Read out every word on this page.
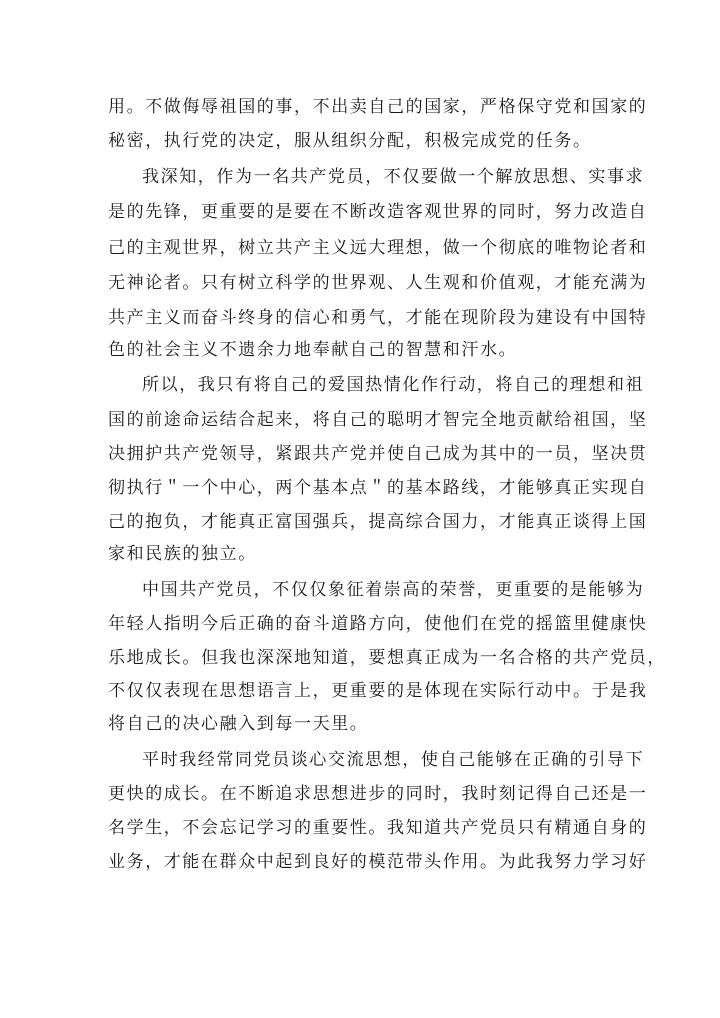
用。不做侮辱祖国的事，不出卖自己的国家，严格保守党和国家的
秘密，执行党的决定，服从组织分配，积极完成党的任务。
我深知，作为一名共产党员，不仅要做一个解放思想、实事求
是的先锋，更重要的是要在不断改造客观世界的同时，努力改造自
己的主观世界，树立共产主义远大理想，做一个彻底的唯物论者和
无神论者。只有树立科学的世界观、人生观和价值观，才能充满为
共产主义而奋斗终身的信心和勇气，才能在现阶段为建设有中国特
色的社会主义不遗余力地奉献自己的智慧和汗水。
所以，我只有将自己的爱国热情化作行动，将自己的理想和祖
国的前途命运结合起来，将自己的聪明才智完全地贡献给祖国，坚
决拥护共产党领导，紧跟共产党并使自己成为其中的一员，坚决贯
彻执行＂一个中心，两个基本点＂的基本路线，才能够真正实现自
己的抱负，才能真正富国强兵，提高综合国力，才能真正谈得上国
家和民族的独立。
中国共产党员，不仅仅象征着崇高的荣誉，更重要的是能够为
年轻人指明今后正确的奋斗道路方向，使他们在党的摇篮里健康快
乐地成长。但我也深深地知道，要想真正成为一名合格的共产党员，
不仅仅表现在思想语言上，更重要的是体现在实际行动中。于是我
将自己的决心融入到每一天里。
平时我经常同党员谈心交流思想，使自己能够在正确的引导下
更快的成长。在不断追求思想进步的同时，我时刻记得自己还是一
名学生，不会忘记学习的重要性。我知道共产党员只有精通自身的
业务，才能在群众中起到良好的模范带头作用。为此我努力学习好
